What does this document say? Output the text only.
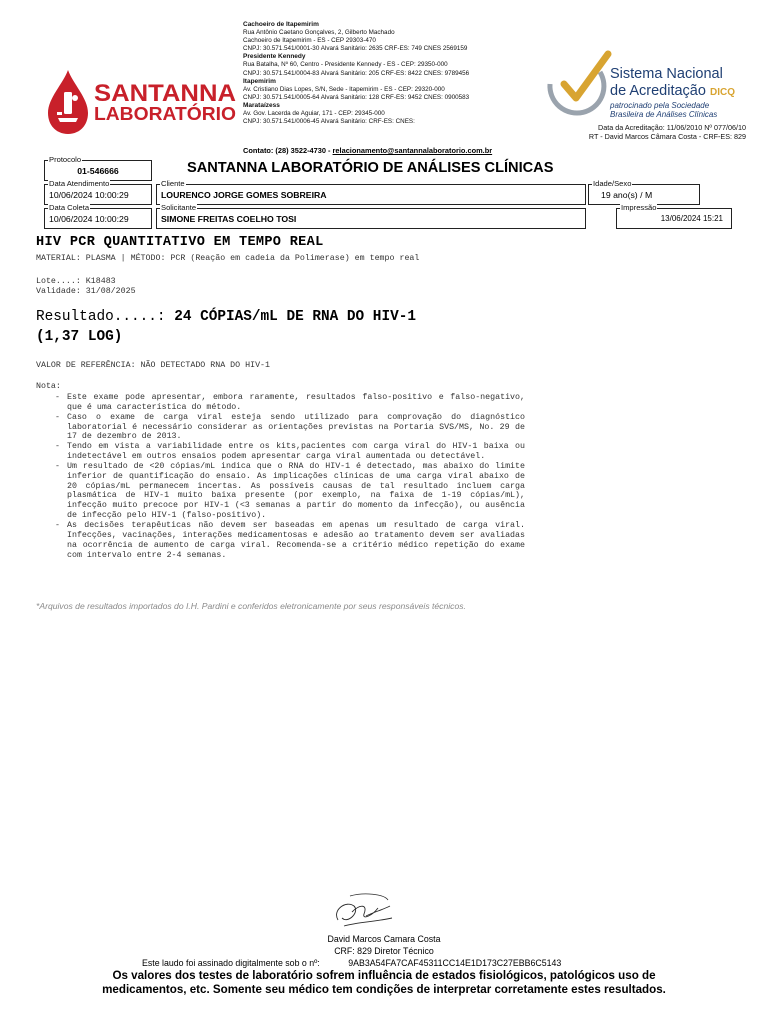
SANTANNA
LABORATÓRIO
Cachoeiro de Itapemirim
Rua Antônio Caetano Gonçalves, 2, Gilberto Machado
Cachoeiro de Itapemirim - ES - CEP 29303-470
CNPJ: 30.571.541/0001-30 Alvará Sanitário: 2635 CRF-ES: 749 CNES 2569159
Presidente Kennedy
Rua Batalha, Nº 60, Centro - Presidente Kennedy - ES - CEP: 29350-000
CNPJ: 30.571.541/0004-83 Alvará Sanitário: 205 CRF-ES: 8422 CNES: 9789456
Itapemirim
Av. Cristiano Dias Lopes, S/N, Sede - Itapemirim - ES - CEP: 29320-000
CNPJ: 30.571.541/0005-64 Alvará Sanitário: 128 CRF-ES: 9452 CNES: 0900583
Marataízess
Av. Gov. Lacerda de Aguiar, 171 - CEP: 29345-000
CNPJ: 30.571.541/0006-45 Alvará Sanitário: CRF-ES: CNES:
Contato: (28) 3522-4730 - relacionamento@santannalaboratorio.com.br
Sistema Nacional
de Acreditação DICQ
patrocinado pela Sociedade
Brasileira de Análises Clínicas
Data da Acreditação: 11/06/2010 Nº 077/06/10
RT - David Marcos Câmara Costa - CRF-ES: 829
Protocolo
01-546666	SANTANNA LABORATÓRIO DE ANÁLISES CLÍNICAS
Data Atendimento
10/06/2024 10:00:29
Cliente
LOURENCO JORGE GOMES SOBREIRA
Idade/Sexo
19 ano(s) / M
Data Coleta
10/06/2024 10:00:29
Solicitante
SIMONE FREITAS COELHO TOSI
Impressão
13/06/2024 15:21
HIV PCR QUANTITATIVO EM TEMPO REAL
MATERIAL: PLASMA | MÉTODO: PCR (Reação em cadeia da Polimerase) em tempo real
Lote....: K18483
Validade: 31/08/2025
Resultado.....: 24 CÓPIAS/mL DE RNA DO HIV-1
(1,37 LOG)
VALOR DE REFERÊNCIA: NÃO DETECTADO RNA DO HIV-1
Nota:
- Este exame pode apresentar, embora raramente, resultados falso-positivo e falso-negativo, que é uma característica do método.
- Caso o exame de carga viral esteja sendo utilizado para comprovação do diagnóstico laboratorial é necessário considerar as orientações previstas na Portaria SVS/MS, No. 29 de 17 de dezembro de 2013.
- Tendo em vista a variabilidade entre os kits,pacientes com carga viral do HIV-1 baixa ou indetectável em outros ensaios podem apresentar carga viral aumentada ou detectável.
- Um resultado de <20 cópias/mL indica que o RNA do HIV-1 é detectado, mas abaixo do limite inferior de quantificação do ensaio. As implicações clínicas de uma carga viral abaixo de 20 cópias/mL permanecem incertas. As possíveis causas de tal resultado incluem carga plasmática de HIV-1 muito baixa presente (por exemplo, na faixa de 1-19 cópias/mL), infecção muito precoce por HIV-1 (<3 semanas a partir do momento da infecção), ou ausência de infecção pelo HIV-1 (falso-positivo).
- As decisões terapêuticas não devem ser baseadas em apenas um resultado de carga viral. Infecções, vacinações, interações medicamentosas e adesão ao tratamento devem ser avaliadas na ocorrência de aumento de carga viral. Recomenda-se a critério médico repetição do exame com intervalo entre 2-4 semanas.
*Arquivos de resultados importados do I.H. Pardini e conferidos eletronicamente por seus responsáveis técnicos.
David Marcos Camara Costa
CRF: 829 Diretor Técnico
Este laudo foi assinado digitalmente sob o nº:	9AB3A54FA7CAF45311CC14E1D173C27EBB6C5143
Os valores dos testes de laboratório sofrem influência de estados fisiológicos, patológicos uso de
medicamentos, etc. Somente seu médico tem condições de interpretar corretamente estes resultados.
